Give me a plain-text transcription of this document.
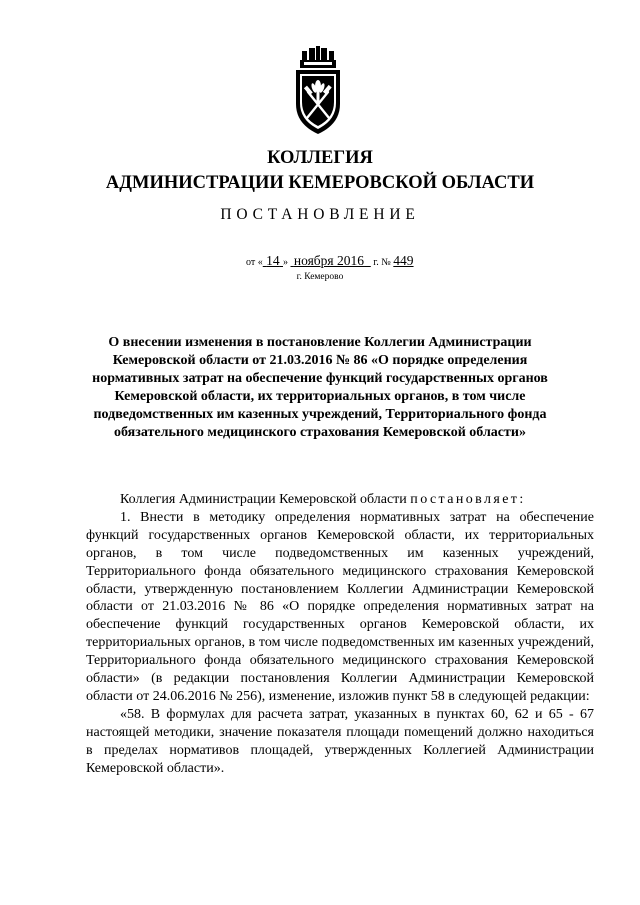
КОЛЛЕГИЯ
АДМИНИСТРАЦИИ КЕМЕРОВСКОЙ ОБЛАСТИ
ПОСТАНОВЛЕНИЕ
от « 14 » ноября 2016 г. № 449
г. Кемерово
О внесении изменения в постановление Коллегии Администрации Кемеровской области от 21.03.2016 № 86 «О порядке определения нормативных затрат на обеспечение функций государственных органов Кемеровской области, их территориальных органов, в том числе подведомственных им казенных учреждений, Территориального фонда обязательного медицинского страхования Кемеровской области»

Коллегия Администрации Кемеровской области постановляет:

1. Внести в методику определения нормативных затрат на обеспечение функций государственных органов Кемеровской области, их территориальных органов, в том числе подведомственных им казенных учреждений, Территориального фонда обязательного медицинского страхования Кемеровской области, утвержденную постановлением Коллегии Администрации Кемеровской области от 21.03.2016 № 86 «О порядке определения нормативных затрат на обеспечение функций государственных органов Кемеровской области, их территориальных органов, в том числе подведомственных им казенных учреждений, Территориального фонда обязательного медицинского страхования Кемеровской области» (в редакции постановления Коллегии Администрации Кемеровской области от 24.06.2016 № 256), изменение, изложив пункт 58 в следующей редакции:

«58. В формулах для расчета затрат, указанных в пунктах 60, 62 и 65 - 67 настоящей методики, значение показателя площади помещений должно находиться в пределах нормативов площадей, утвержденных Коллегией Администрации Кемеровской области».
